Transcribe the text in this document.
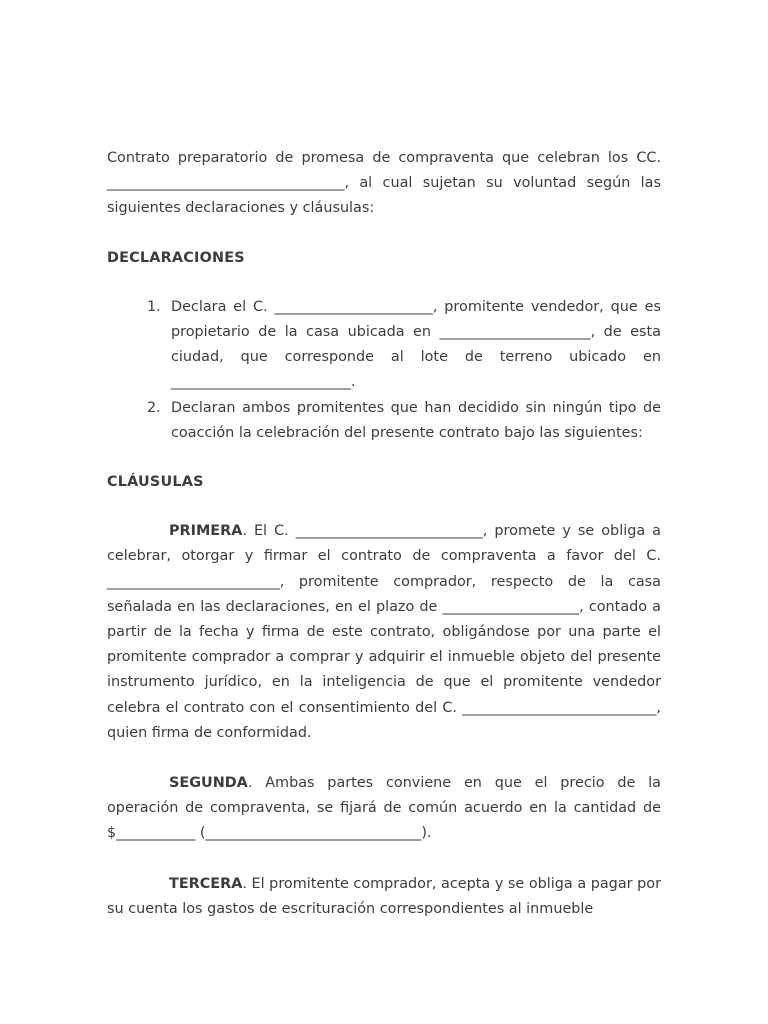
Contrato preparatorio de promesa de compraventa que celebran los CC. _________________________________, al cual sujetan su voluntad según las siguientes declaraciones y cláusulas:

DECLARACIONES

1. Declara el C. ______________________, promitente vendedor, que es propietario de la casa ubicada en _____________________, de esta ciudad, que corresponde al lote de terreno ubicado en _________________________.

2. Declaran ambos promitentes que han decidido sin ningún tipo de coacción la celebración del presente contrato bajo las siguientes:

CLÁUSULAS

PRIMERA. El C. __________________________, promete y se obliga a celebrar, otorgar y firmar el contrato de compraventa a favor del C. ________________________, promitente comprador, respecto de la casa señalada en las declaraciones, en el plazo de ___________________, contado a partir de la fecha y firma de este contrato, obligándose por una parte el promitente comprador a comprar y adquirir el inmueble objeto del presente instrumento jurídico, en la inteligencia de que el promitente vendedor celebra el contrato con el consentimiento del C. ___________________________, quien firma de conformidad.

SEGUNDA. Ambas partes conviene en que el precio de la operación de compraventa, se fijará de común acuerdo en la cantidad de $___________ (______________________________).

TERCERA. El promitente comprador, acepta y se obliga a pagar por su cuenta los gastos de escrituración correspondientes al inmueble
